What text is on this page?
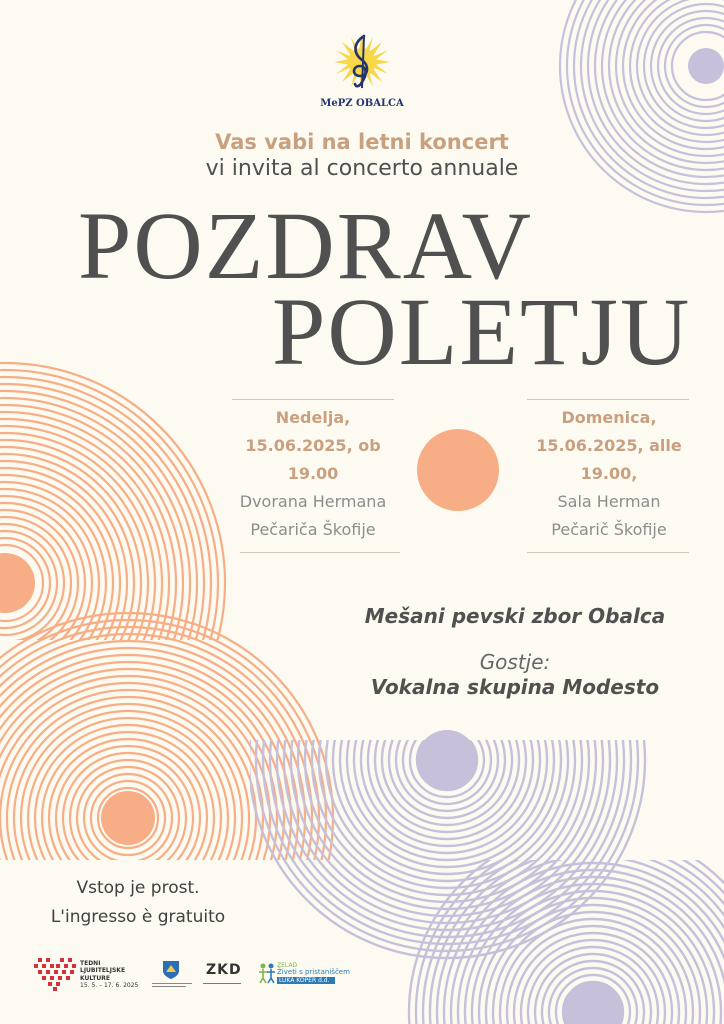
MePZ OBALCA
Vas vabi na letni koncert
vi invita al concerto annuale
POZDRAV
POLETJU
Nedelja,
15.06.2025, ob
19.00
Dvorana Hermana
Pečariča Škofije
Domenica,
15.06.2025, alle
19.00,
Sala Herman
Pečarič Škofije
Mešani pevski zbor Obalca
Gostje:
Vokalna skupina Modesto
Vstop je prost.
L'ingresso è gratuito
TEDNI
LJUBITELJSKE
KULTURE
15. 5. – 17. 6. 2025
ZKD	ZELAD
Živeti s pristaniščem
LUKA KOPER d.d.
